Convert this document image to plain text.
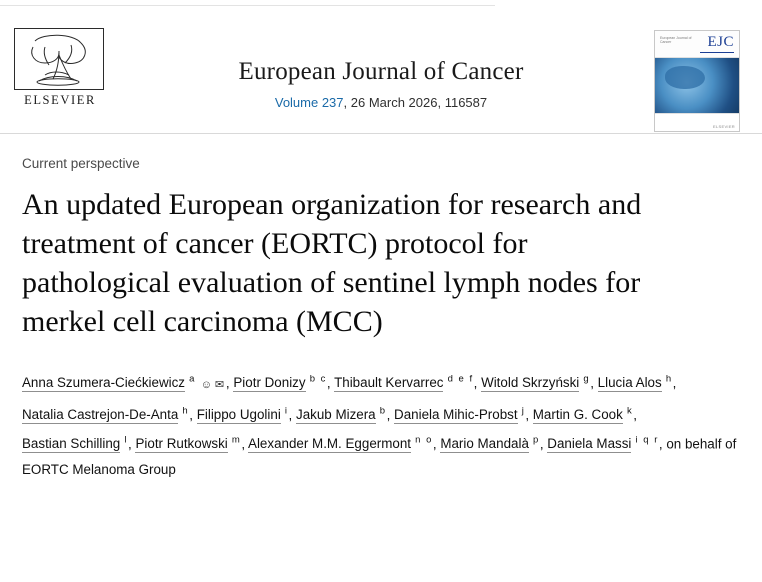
ELSEVIER
European Journal of Cancer
Volume 237, 26 March 2026, 116587
European Journal of Cancer	EJC
ELSEVIER
Current perspective
An updated European organization for research and treatment of cancer (EORTC) protocol for pathological evaluation of sentinel lymph nodes for merkel cell carcinoma (MCC)
Anna Szumera-Ciećkiewicz $^a$ ☺ ✉ , Piotr Donizy $^{b c}$, Thibault Kervarrec $^{d e f}$, Witold Skrzyński $^g$, Llucia Alos $^h$, Natalia Castrejon-De-Anta $^h$, Filippo Ugolini $^i$, Jakub Mizera $^b$, Daniela Mihic-Probst $^j$, Martin G. Cook $^k$, Bastian Schilling $^l$, Piotr Rutkowski $^m$, Alexander M.M. Eggermont $^{n o}$, Mario Mandalà $^p$, Daniela Massi $^{i q r}$, on behalf of EORTC Melanoma Group
